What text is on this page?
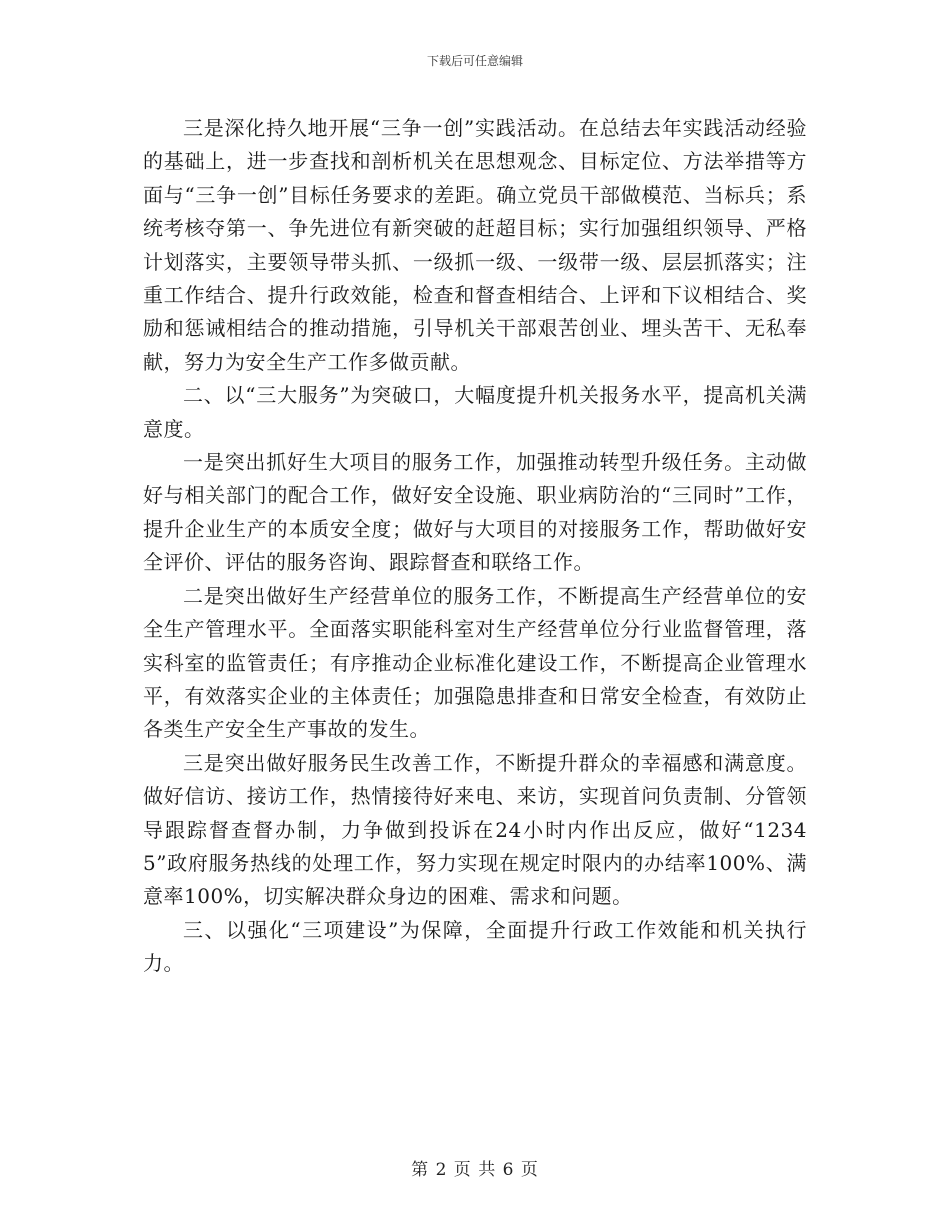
下载后可任意编辑

三是深化持久地开展“三争一创”实践活动。在总结去年实践活动经验的基础上，进一步查找和剖析机关在思想观念、目标定位、方法举措等方面与“三争一创”目标任务要求的差距。确立党员干部做模范、当标兵；系统考核夺第一、争先进位有新突破的赶超目标；实行加强组织领导、严格计划落实，主要领导带头抓、一级抓一级、一级带一级、层层抓落实；注重工作结合、提升行政效能，检查和督查相结合、上评和下议相结合、奖励和惩诫相结合的推动措施，引导机关干部艰苦创业、埋头苦干、无私奉献，努力为安全生产工作多做贡献。

二、以“三大服务”为突破口，大幅度提升机关报务水平，提高机关满意度。

一是突出抓好生大项目的服务工作，加强推动转型升级任务。主动做好与相关部门的配合工作，做好安全设施、职业病防治的“三同时”工作，提升企业生产的本质安全度；做好与大项目的对接服务工作，帮助做好安全评价、评估的服务咨询、跟踪督查和联络工作。

二是突出做好生产经营单位的服务工作，不断提高生产经营单位的安全生产管理水平。全面落实职能科室对生产经营单位分行业监督管理，落实科室的监管责任；有序推动企业标准化建设工作，不断提高企业管理水平，有效落实企业的主体责任；加强隐患排查和日常安全检查，有效防止各类生产安全生产事故的发生。

三是突出做好服务民生改善工作，不断提升群众的幸福感和满意度。做好信访、接访工作，热情接待好来电、来访，实现首问负责制、分管领导跟踪督查督办制，力争做到投诉在24小时内作出反应，做好“12345”政府服务热线的处理工作，努力实现在规定时限内的办结率100%、满意率100%，切实解决群众身边的困难、需求和问题。

三、以强化“三项建设”为保障，全面提升行政工作效能和机关执行力。

第 2 页 共 6 页
